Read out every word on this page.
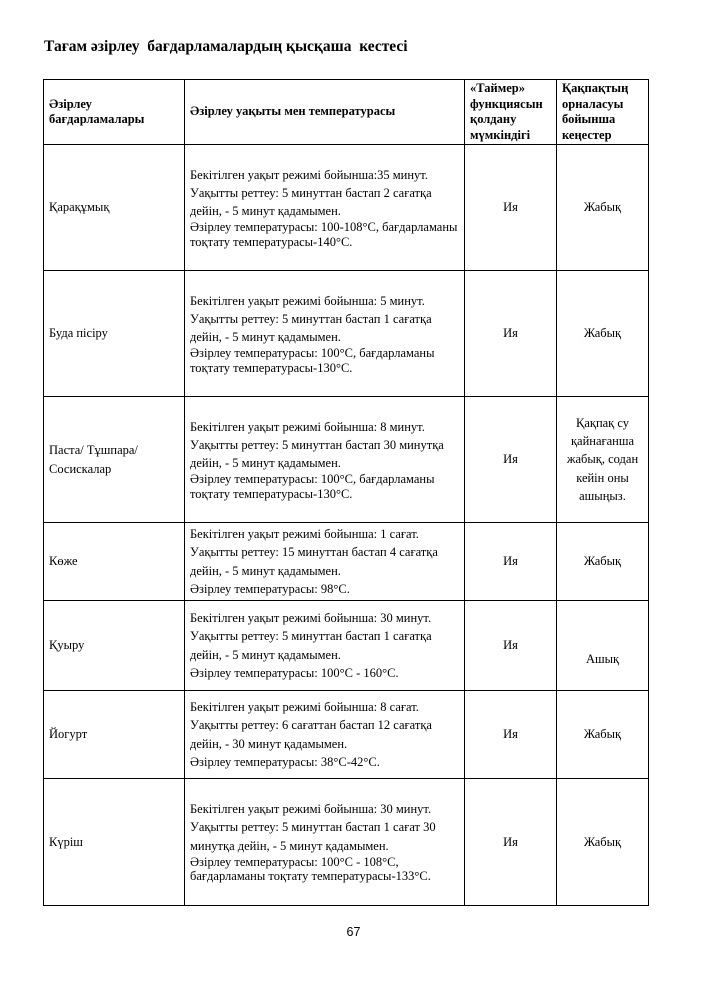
Тағам әзірлеу  бағдарламалардың қысқаша  кестесі
Әзірлеу бағдарламалары	Әзірлеу уақыты мен температурасы	«Таймер» функциясын қолдану мүмкіндігі	Қақпақтың орналасуы бойынша кеңестер
Қарақұмық	Бекітілген уақыт режимі бойынша:35 минут.
Уақытты реттеу: 5 минуттан бастап 2 сағатқа дейін, - 5 минут қадамымен.
Әзірлеу температурасы: 100-108°С, бағдарламаны тоқтату температурасы-140°С.	Ия	Жабық
Буда пісіру	Бекітілген уақыт режимі бойынша: 5 минут.
Уақытты реттеу: 5 минуттан бастап 1 сағатқа дейін, - 5 минут қадамымен.
Әзірлеу температурасы: 100°С, бағдарламаны тоқтату температурасы-130°С.	Ия	Жабық
Паста/ Тұшпара/ Сосискалар	Бекітілген уақыт режимі бойынша: 8 минут.
Уақытты реттеу: 5 минуттан бастап 30 минутқа дейін, - 5 минут қадамымен.
Әзірлеу температурасы: 100°С, бағдарламаны тоқтату температурасы-130°С.	Ия	Қақпақ су қайнағанша жабық, содан кейін оны ашыңыз.
Көже	Бекітілген уақыт режимі бойынша: 1 сағат.
Уақытты реттеу: 15 минуттан бастап 4 сағатқа дейін, - 5 минут қадамымен.
Әзірлеу температурасы: 98°С.	Ия	Жабық
Қуыру	Бекітілген уақыт режимі бойынша: 30 минут.
Уақытты реттеу: 5 минуттан бастап 1 сағатқа дейін, - 5 минут қадамымен.
Әзірлеу температурасы: 100°С - 160°С.	Ия	Ашық
Йогурт	Бекітілген уақыт режимі бойынша: 8 сағат.
Уақытты реттеу: 6 сағаттан бастап 12 сағатқа дейін, - 30 минут қадамымен.
Әзірлеу температурасы: 38°С-42°С.	Ия	Жабық
Күріш	Бекітілген уақыт режимі бойынша: 30 минут.
Уақытты реттеу: 5 минуттан бастап 1 сағат 30 минутқа дейін, - 5 минут қадамымен.
Әзірлеу температурасы: 100°С - 108°С, бағдарламаны тоқтату температурасы-133°С.	Ия	Жабық
67
